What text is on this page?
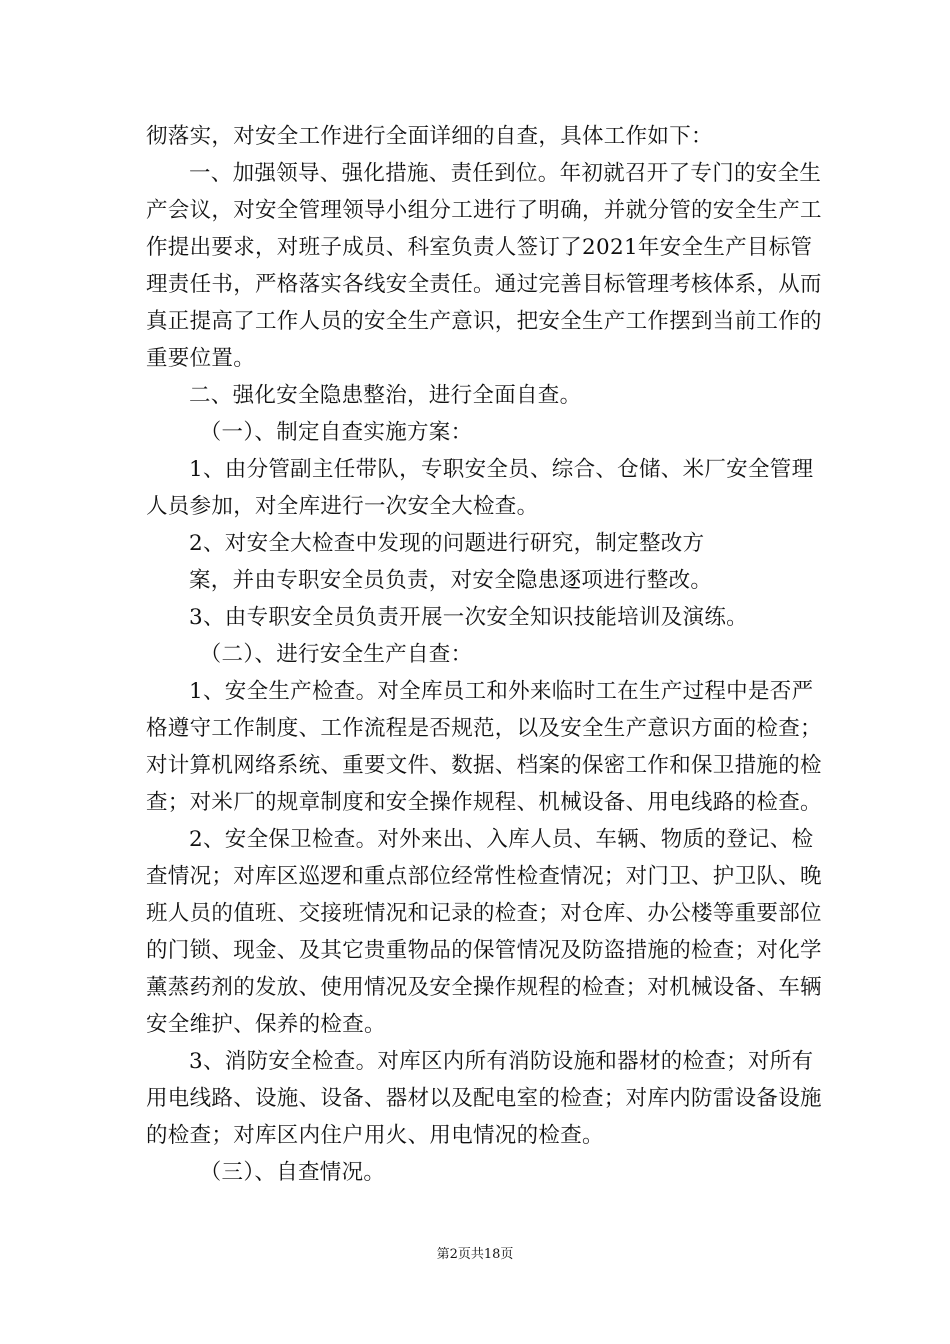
彻落实，对安全工作进行全面详细的自查，具体工作如下：

一、加强领导、强化措施、责任到位。年初就召开了专门的安全生产会议，对安全管理领导小组分工进行了明确，并就分管的安全生产工作提出要求，对班子成员、科室负责人签订了2021年安全生产目标管理责任书，严格落实各线安全责任。通过完善目标管理考核体系，从而真正提高了工作人员的安全生产意识，把安全生产工作摆到当前工作的重要位置。

二、强化安全隐患整治，进行全面自查。

（一）、制定自查实施方案：

1、由分管副主任带队，专职安全员、综合、仓储、米厂安全管理人员参加，对全库进行一次安全大检查。

2、对安全大检查中发现的问题进行研究，制定整改方

案，并由专职安全员负责，对安全隐患逐项进行整改。

3、由专职安全员负责开展一次安全知识技能培训及演练。

（二）、进行安全生产自查：

1、安全生产检查。对全库员工和外来临时工在生产过程中是否严格遵守工作制度、工作流程是否规范，以及安全生产意识方面的检查；对计算机网络系统、重要文件、数据、档案的保密工作和保卫措施的检查；对米厂的规章制度和安全操作规程、机械设备、用电线路的检查。

2、安全保卫检查。对外来出、入库人员、车辆、物质的登记、检查情况；对库区巡逻和重点部位经常性检查情况；对门卫、护卫队、晚班人员的值班、交接班情况和记录的检查；对仓库、办公楼等重要部位的门锁、现金、及其它贵重物品的保管情况及防盗措施的检查；对化学薰蒸药剂的发放、使用情况及安全操作规程的检查；对机械设备、车辆安全维护、保养的检查。

3、消防安全检查。对库区内所有消防设施和器材的检查；对所有用电线路、设施、设备、器材以及配电室的检查；对库内防雷设备设施的检查；对库区内住户用火、用电情况的检查。

（三）、自查情况。

第2页共18页
